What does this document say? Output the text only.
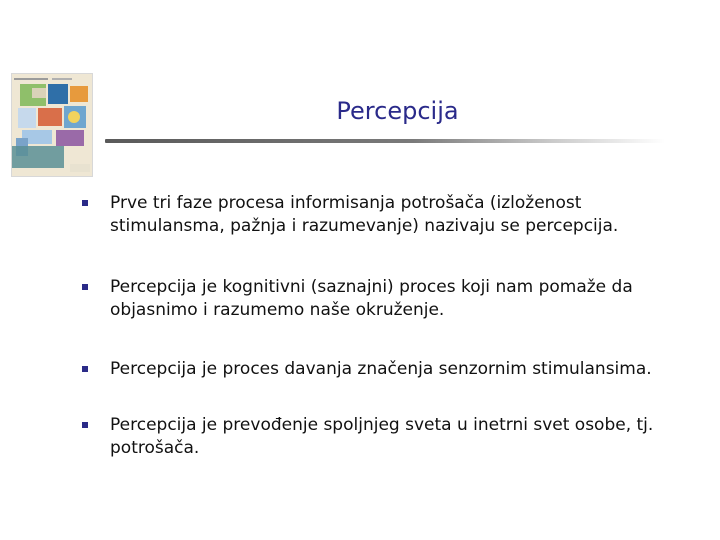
Percepcija
Prve tri faze procesa informisanja potrošača (izloženost stimulansma, pažnja i razumevanje) nazivaju se percepcija.
Percepcija je kognitivni (saznajni) proces koji nam pomaže da objasnimo i razumemo naše okruženje.
Percepcija je proces davanja značenja senzornim stimulansima.
Percepcija je prevođenje spoljnjeg sveta u inetrni svet osobe, tj. potrošača.
